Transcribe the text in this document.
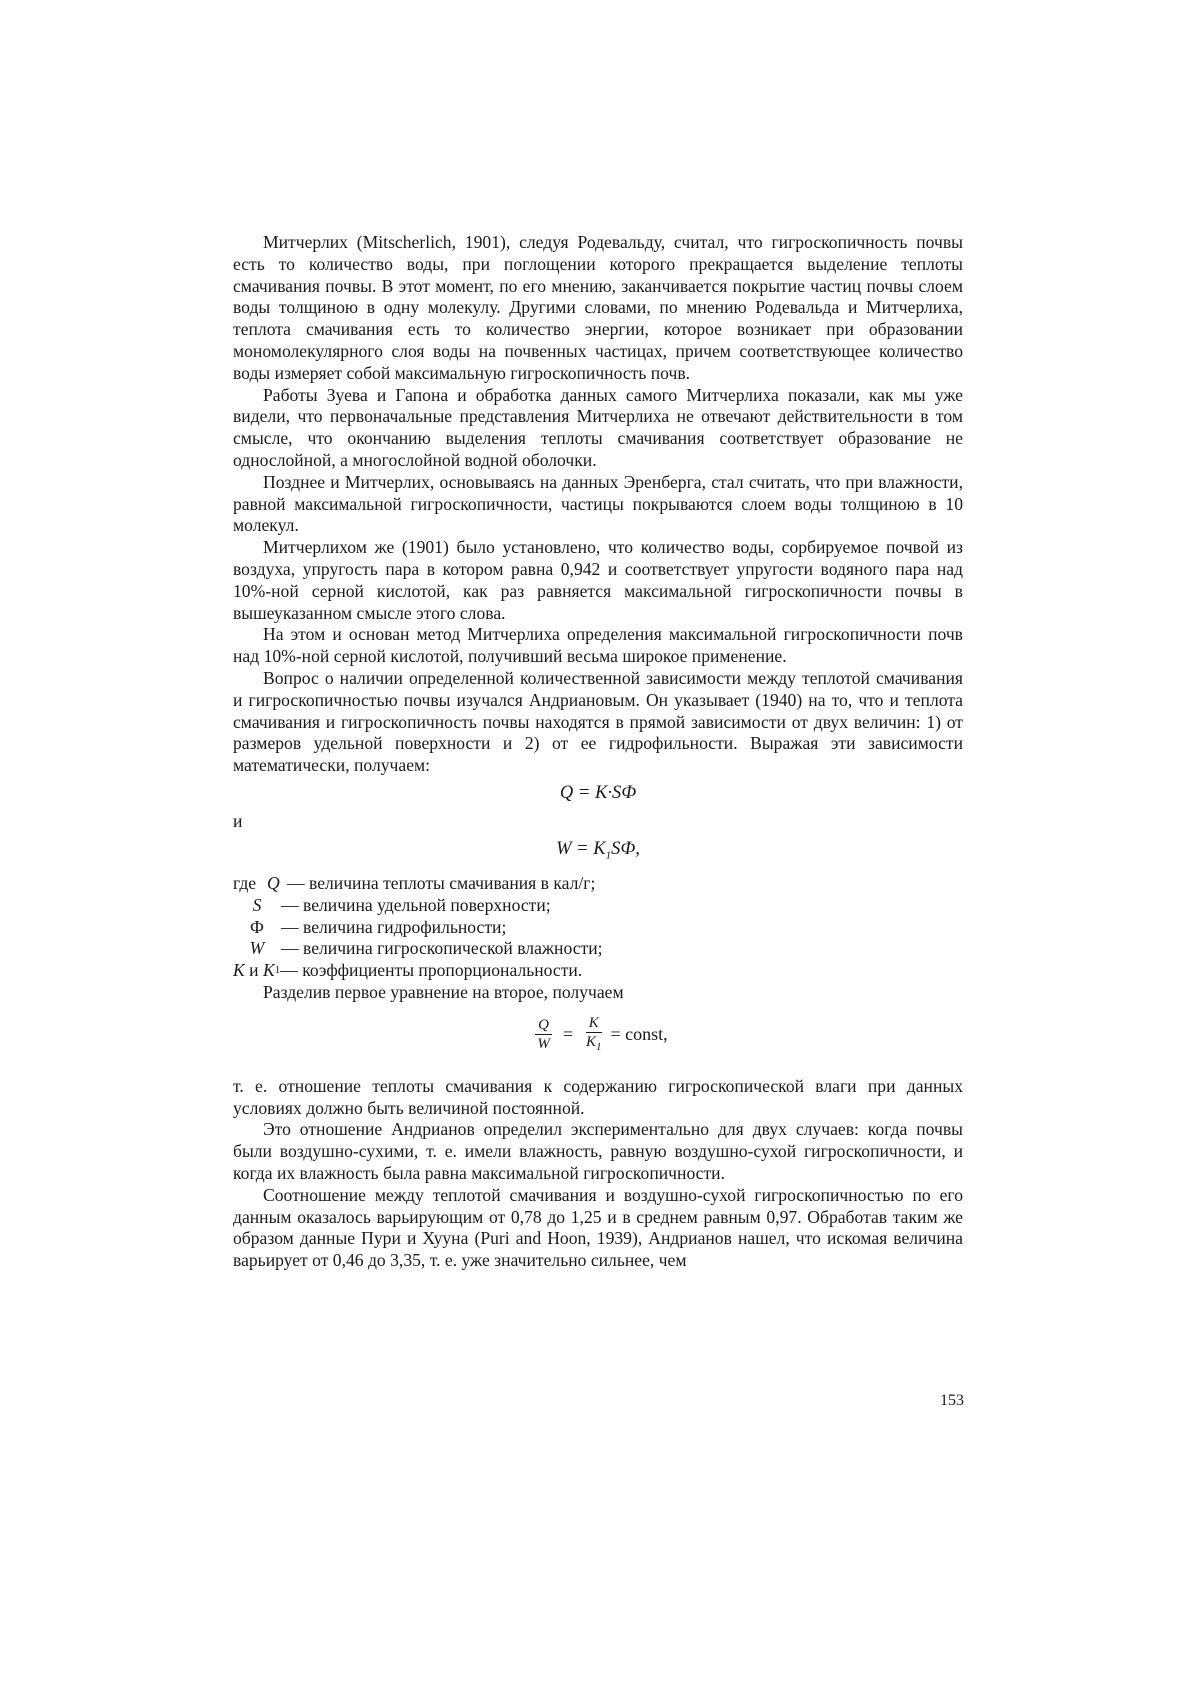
Митчерлих (Mitscherlich, 1901), следуя Родевальду, считал, что гигроскопичность почвы есть то количество воды, при поглощении которого прекращается выделение теплоты смачивания почвы. В этот момент, по его мнению, заканчивается покрытие частиц почвы слоем воды толщиною в одну молекулу. Другими словами, по мнению Родевальда и Митчерлиха, теплота смачивания есть то количество энергии, которое возникает при образовании мономолекулярного слоя воды на почвенных частицах, причем соответствующее количество воды измеряет собой максимальную гигроскопичность почв.

Работы Зуева и Гапона и обработка данных самого Митчерлиха показали, как мы уже видели, что первоначальные представления Митчерлиха не отвечают действительности в том смысле, что окончанию выделения теплоты смачивания соответствует образование не однослойной, а многослойной водной оболочки.

Позднее и Митчерлих, основываясь на данных Эренберга, стал считать, что при влажности, равной максимальной гигроскопичности, частицы покрываются слоем воды толщиною в 10 молекул.

Митчерлихом же (1901) было установлено, что количество воды, сорбируемое почвой из воздуха, упругость пара в котором равна 0,942 и соответствует упругости водяного пара над 10%-ной серной кислотой, как раз равняется максимальной гигроскопичности почвы в вышеуказанном смысле этого слова.

На этом и основан метод Митчерлиха определения максимальной гигроскопичности почв над 10%-ной серной кислотой, получивший весьма широкое применение.

Вопрос о наличии определенной количественной зависимости между теплотой смачивания и гигроскопичностью почвы изучался Андриановым. Он указывает (1940) на то, что и теплота смачивания и гигроскопичность почвы находятся в прямой зависимости от двух величин: 1) от размеров удельной поверхности и 2) от ее гидрофильности. Выражая эти зависимости математически, получаем:

Q = K·SФ

и

$W = K_1SФ$,
где Q — величина теплоты смачивания в кал/г;
S	— величина удельной поверхности;
Ф — величина гидрофильности;
W — величина гигроскопической влажности;
K
и
K 1 — коэффициенты пропорциональности.

Разделив первое уравнение на второе, получаем

$\frac{Q}{W} = \frac{K}{K_1}$ = const,

т. е. отношение теплоты смачивания к содержанию гигроскопической влаги при данных условиях должно быть величиной постоянной.

Это отношение Андрианов определил экспериментально для двух случаев: когда почвы были воздушно-сухими, т. е. имели влажность, равную воздушно-сухой гигроскопичности, и когда их влажность была равна максимальной гигроскопичности.

Соотношение между теплотой смачивания и воздушно-сухой гигроскопичностью по его данным оказалось варьирующим от 0,78 до 1,25 и в среднем равным 0,97. Обработав таким же образом данные Пури и Хууна (Puri and Hoon, 1939), Андрианов нашел, что искомая величина варьирует от 0,46 до 3,35, т. е. уже значительно сильнее, чем

153
